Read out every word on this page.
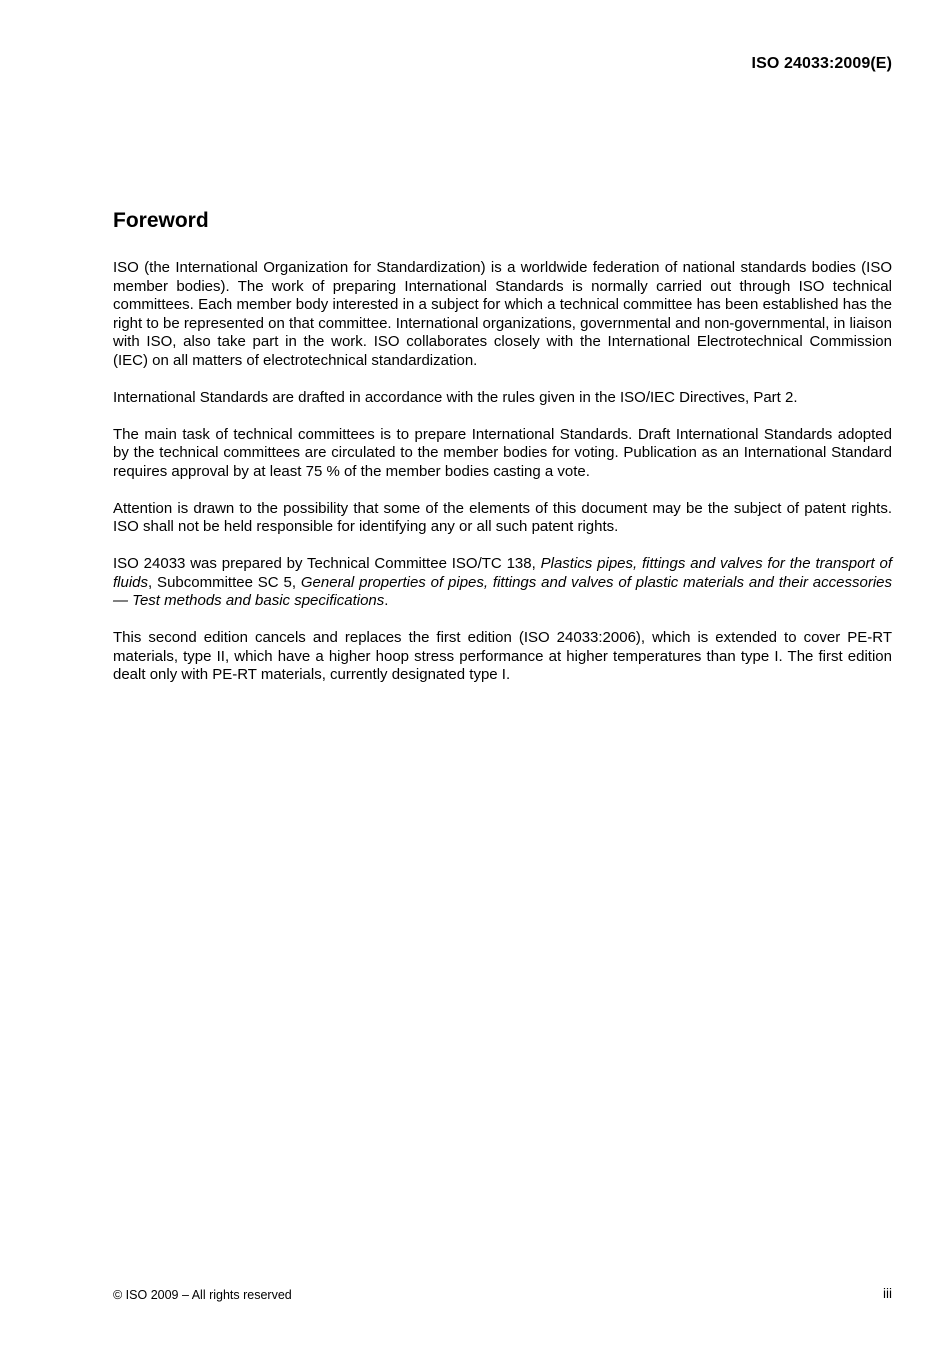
ISO 24033:2009(E)
Foreword

ISO (the International Organization for Standardization) is a worldwide federation of national standards bodies (ISO member bodies). The work of preparing International Standards is normally carried out through ISO technical committees. Each member body interested in a subject for which a technical committee has been established has the right to be represented on that committee. International organizations, governmental and non-governmental, in liaison with ISO, also take part in the work. ISO collaborates closely with the International Electrotechnical Commission (IEC) on all matters of electrotechnical standardization.

International Standards are drafted in accordance with the rules given in the ISO/IEC Directives, Part 2.

The main task of technical committees is to prepare International Standards. Draft International Standards adopted by the technical committees are circulated to the member bodies for voting. Publication as an International Standard requires approval by at least 75 % of the member bodies casting a vote.

Attention is drawn to the possibility that some of the elements of this document may be the subject of patent rights. ISO shall not be held responsible for identifying any or all such patent rights.

ISO 24033 was prepared by Technical Committee ISO/TC 138, Plastics pipes, fittings and valves for the transport of fluids, Subcommittee SC 5, General properties of pipes, fittings and valves of plastic materials and their accessories — Test methods and basic specifications.

This second edition cancels and replaces the first edition (ISO 24033:2006), which is extended to cover PE-RT materials, type II, which have a higher hoop stress performance at higher temperatures than type I. The first edition dealt only with PE-RT materials, currently designated type I.

© ISO 2009 – All rights reserved	iii
